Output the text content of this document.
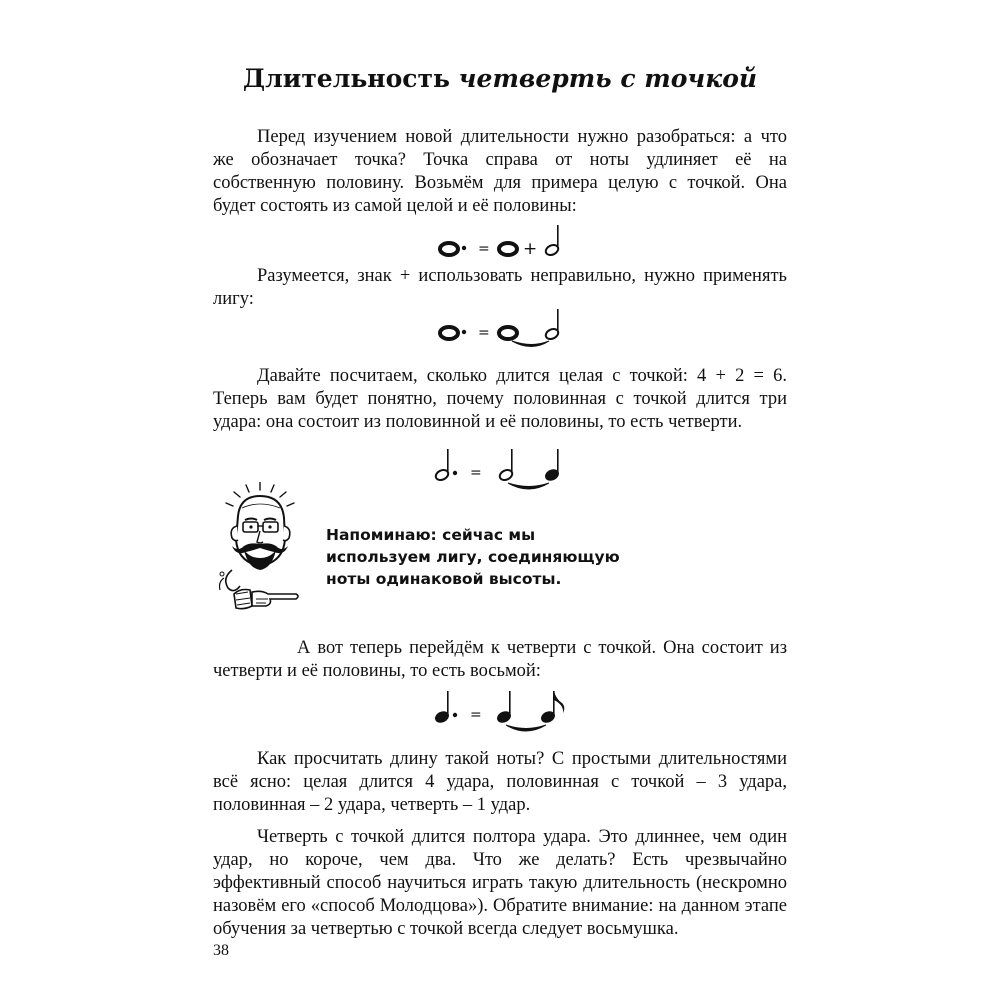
Длительность четверть с точкой

Перед изучением новой длительности нужно разобраться: а что
же обозначает точка? Точка справа от ноты удлиняет её на
собственную половину. Возьмём для примера целую с точкой. Она
будет состоять из самой целой и её половины:

= +

Разумеется, знак + использовать неправильно, нужно применять
лигу:

=

Давайте посчитаем, сколько длится целая с точкой: 4 + 2 = 6.
Теперь вам будет понятно, почему половинная с точкой длится три
удара: она состоит из половинной и её половины, то есть четверти.

=
Напоминаю: сейчас мы
используем лигу, соединяющую
ноты одинаковой высоты.

А вот теперь перейдём к четверти с точкой. Она состоит из
четверти и её половины, то есть восьмой:

=

Как просчитать длину такой ноты? С простыми длительностями
всё ясно: целая длится 4 удара, половинная с точкой – 3 удара,
половинная – 2 удара, четверть – 1 удар.

Четверть с точкой длится полтора удара. Это длиннее, чем один
удар, но короче, чем два. Что же делать? Есть чрезвычайно
эффективный способ научиться играть такую длительность (нескромно
назовём его «способ Молодцова»). Обратите внимание: на данном этапе
обучения за четвертью с точкой всегда следует восьмушка.

38
